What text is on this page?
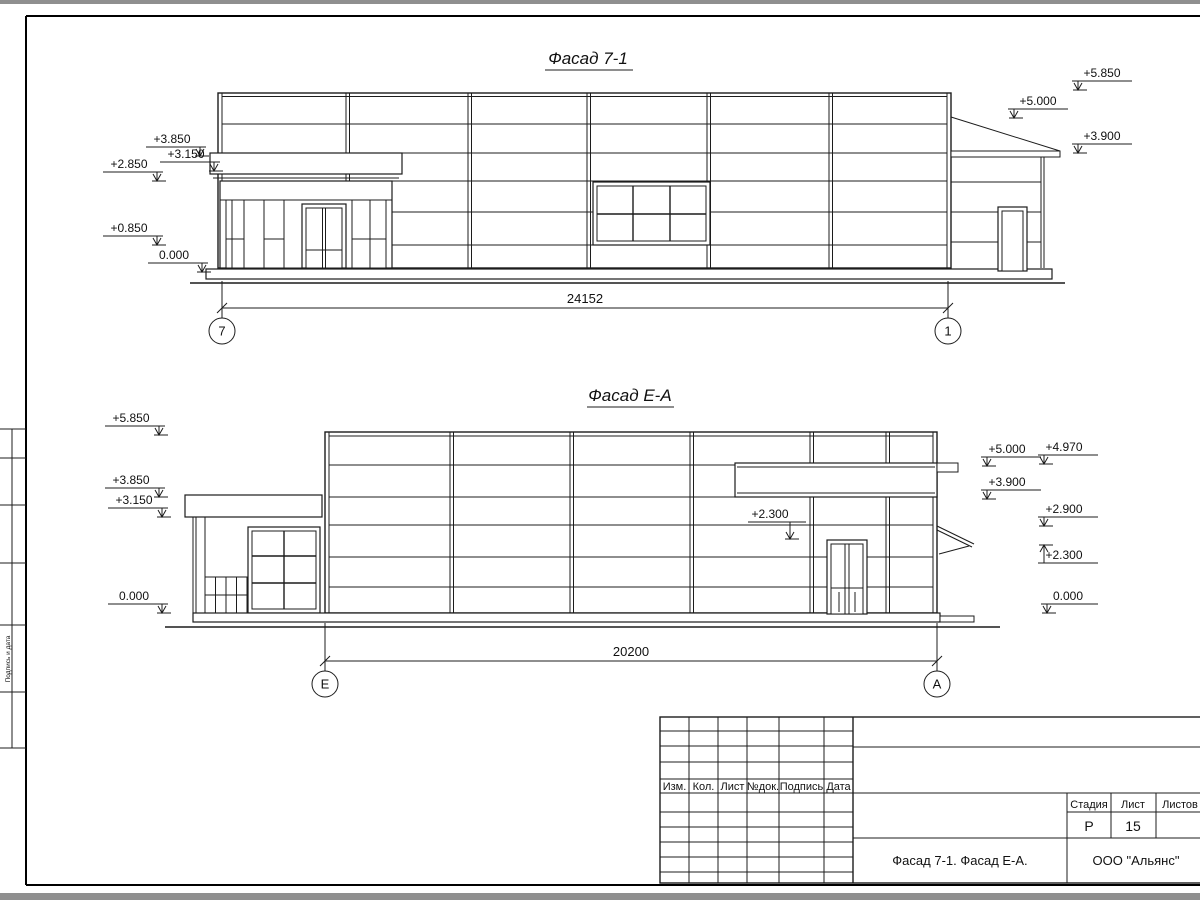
Подпись и дата
Фасад 7-1
+3.850
+3.150
+2.850
+0.850
0.000
+5.850
+5.000
+3.900
24152
7	1
Фасад Е-А
+5.850
+3.850
+3.150
0.000
+2.300
+5.000
+3.900
+4.970
+2.900
+2.300
0.000
20200
Е	А
Изм. Кол. Лист №док. Подпись Дата
Стадия Лист Листов
Р 15
Фасад 7-1. Фасад Е-А.	ООО "Альянс"
